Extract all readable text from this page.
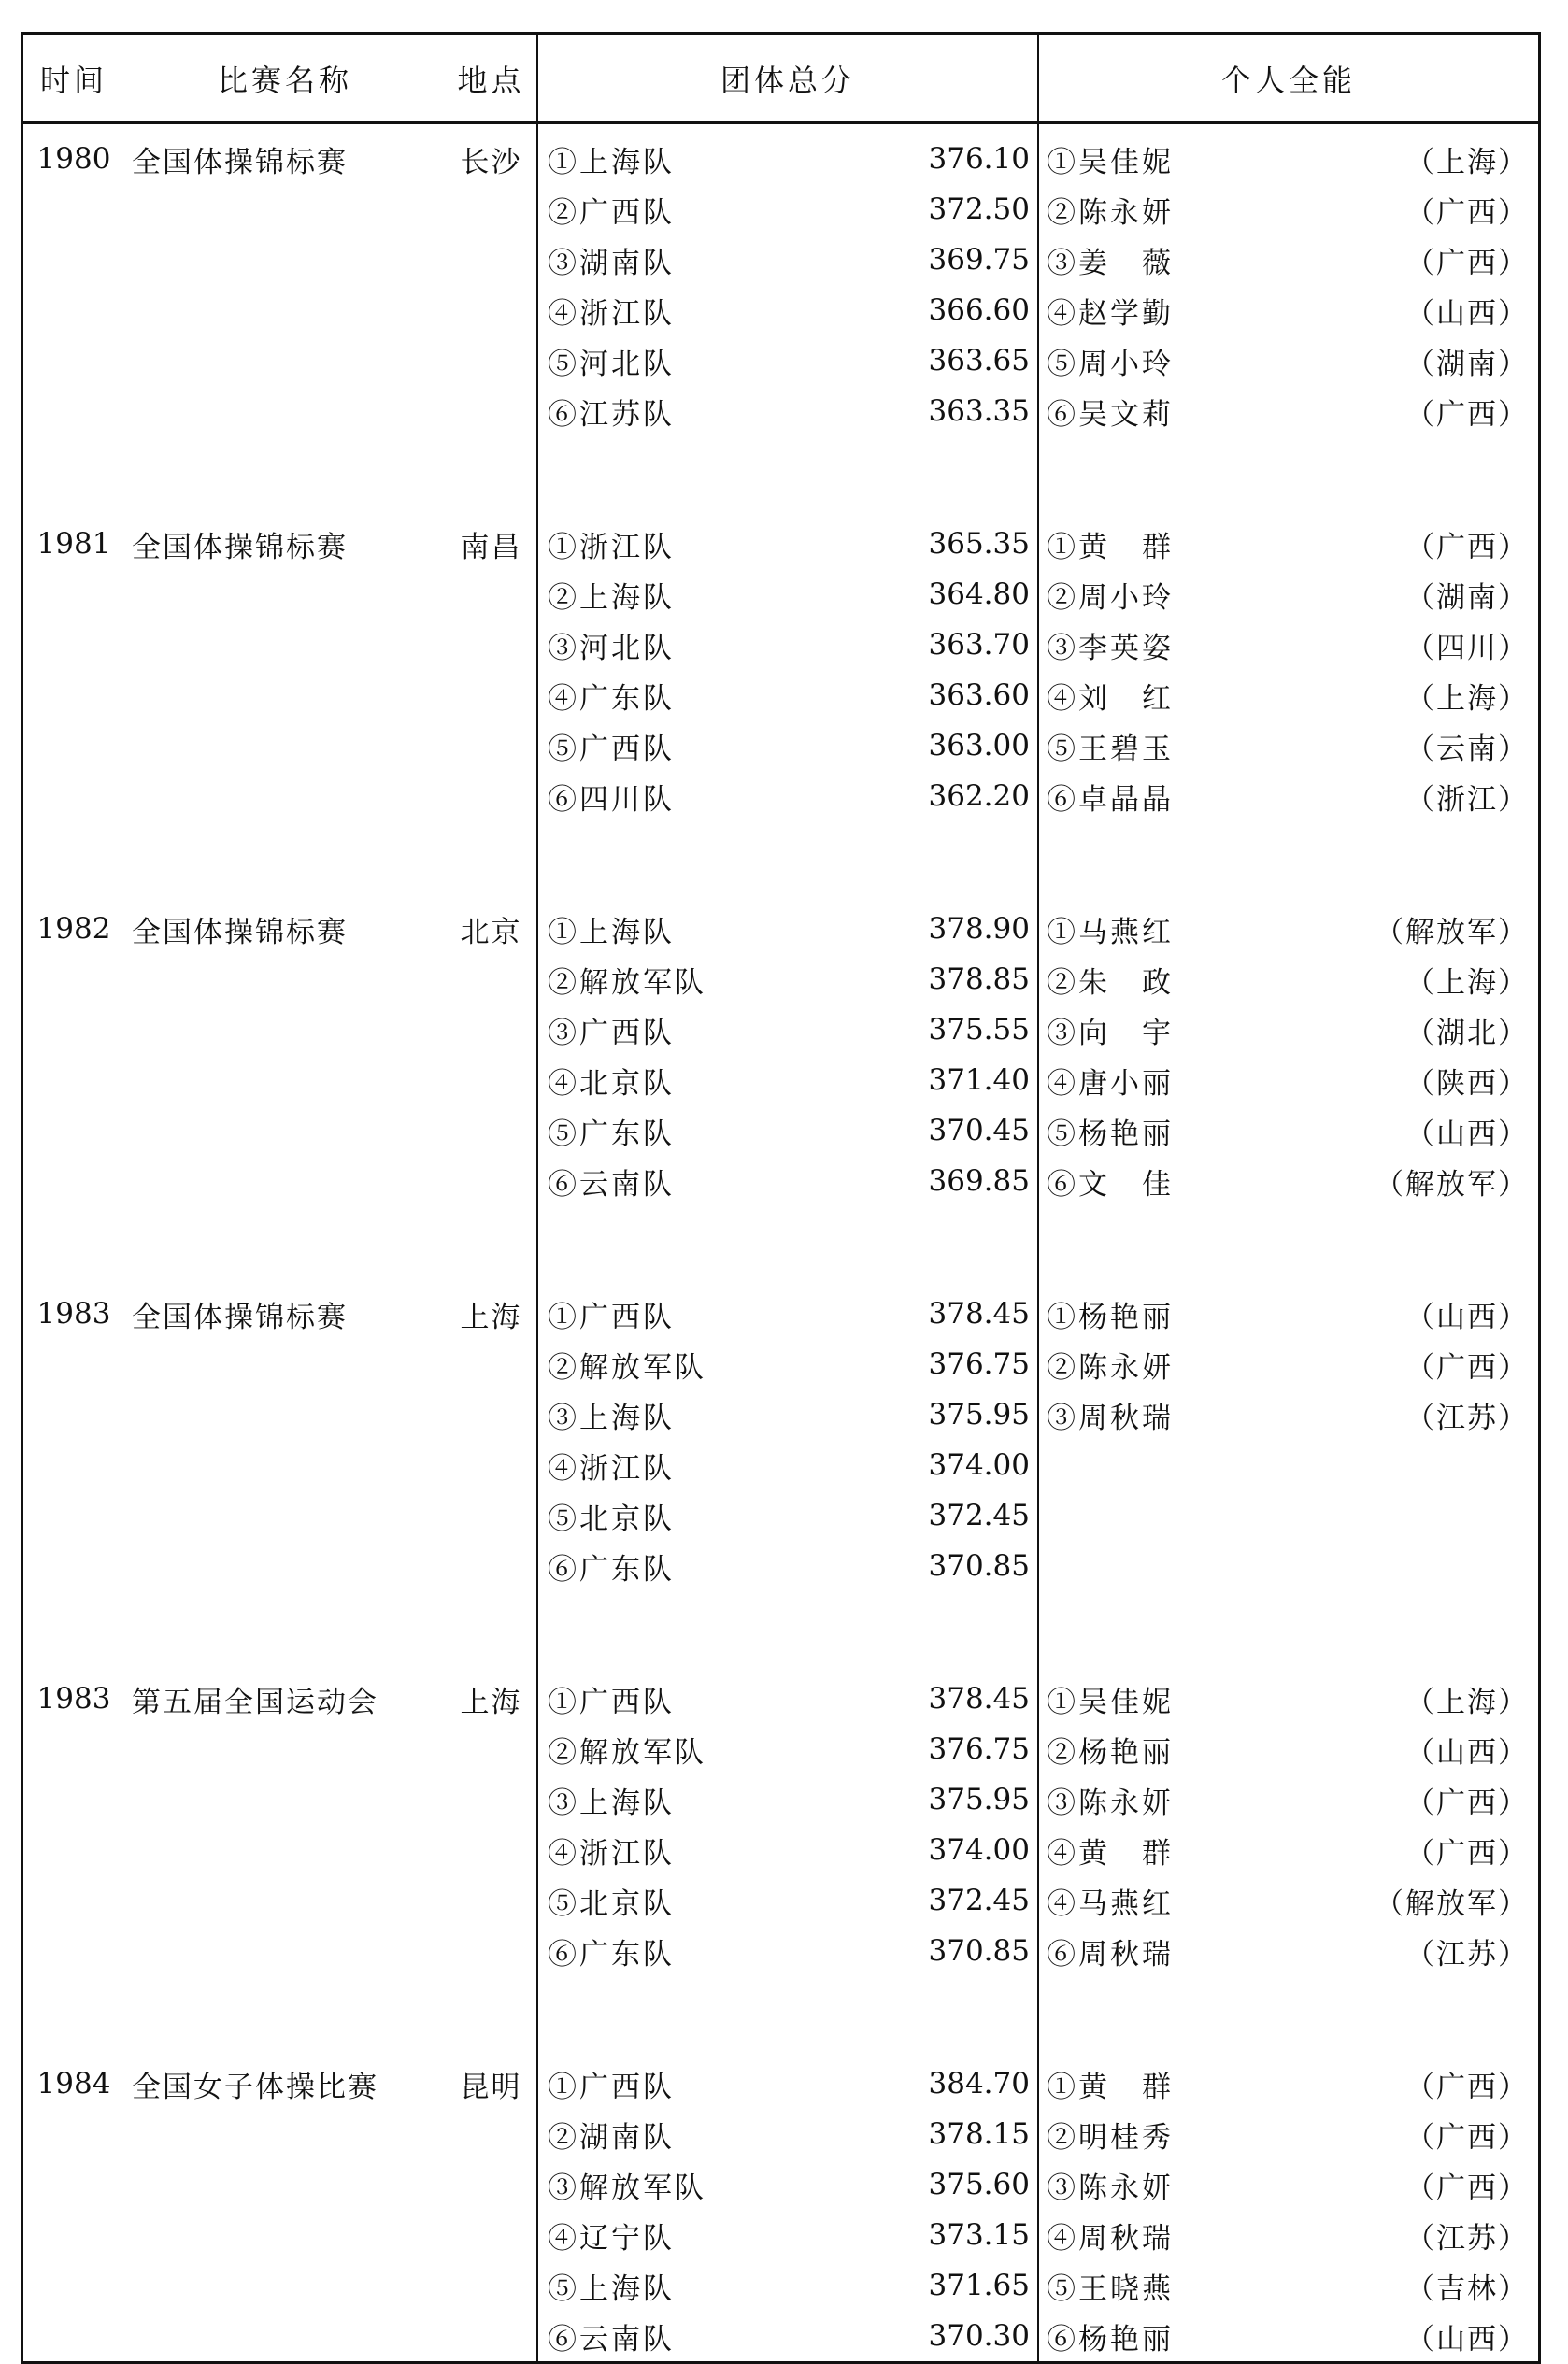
时间	比赛名称	地点	团体总分		个人全能	

1980	全国体操锦标赛	长沙	①上海队	376.10	①吴佳妮	（上海）
			②广西队	372.50	②陈永妍	（广西）
			③湖南队	369.75	③姜　薇	（广西）
			④浙江队	366.60	④赵学勤	（山西）
			⑤河北队	363.65	⑤周小玲	（湖南）
			⑥江苏队	363.35	⑥吴文莉	（广西）

1981	全国体操锦标赛	南昌	①浙江队	365.35	①黄　群	（广西）
			②上海队	364.80	②周小玲	（湖南）
			③河北队	363.70	③李英姿	（四川）
			④广东队	363.60	④刘　红	（上海）
			⑤广西队	363.00	⑤王碧玉	（云南）
			⑥四川队	362.20	⑥卓晶晶	（浙江）

1982	全国体操锦标赛	北京	①上海队	378.90	①马燕红	（解放军）
			②解放军队	378.85	②朱　政	（上海）
			③广西队	375.55	③向　宇	（湖北）
			④北京队	371.40	④唐小丽	（陕西）
			⑤广东队	370.45	⑤杨艳丽	（山西）
			⑥云南队	369.85	⑥文　佳	（解放军）

1983	全国体操锦标赛	上海	①广西队	378.45	①杨艳丽	（山西）
			②解放军队	376.75	②陈永妍	（广西）
			③上海队	375.95	③周秋瑞	（江苏）
			④浙江队	374.00		
			⑤北京队	372.45		
			⑥广东队	370.85		

1983	第五届全国运动会	上海	①广西队	378.45	①吴佳妮	（上海）
			②解放军队	376.75	②杨艳丽	（山西）
			③上海队	375.95	③陈永妍	（广西）
			④浙江队	374.00	④黄　群	（广西）
			⑤北京队	372.45	④马燕红	（解放军）
			⑥广东队	370.85	⑥周秋瑞	（江苏）

1984	全国女子体操比赛	昆明	①广西队	384.70	①黄　群	（广西）
			②湖南队	378.15	②明桂秀	（广西）
			③解放军队	375.60	③陈永妍	（广西）
			④辽宁队	373.15	④周秋瑞	（江苏）
			⑤上海队	371.65	⑤王晓燕	（吉林）
			⑥云南队	370.30	⑥杨艳丽	（山西）
